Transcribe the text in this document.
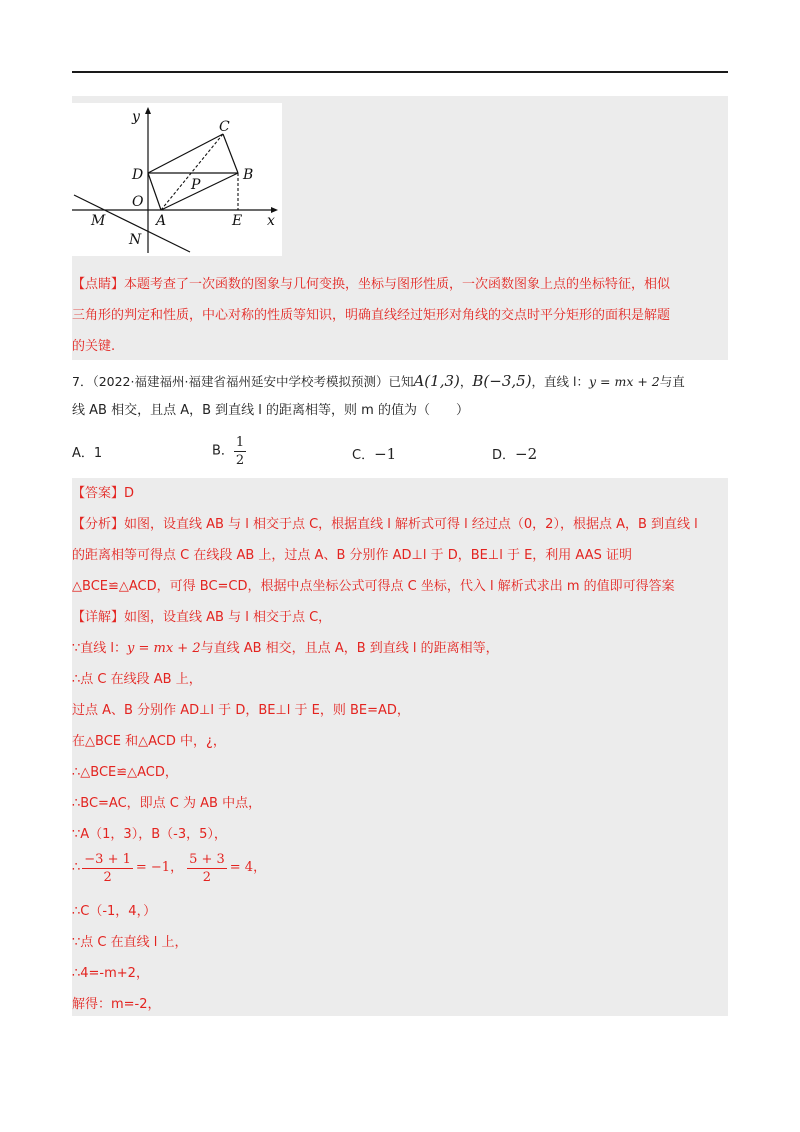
y
C
D	B
P
O
M	A	E x
N
【点睛】本题考查了一次函数的图象与几何变换，坐标与图形性质，一次函数图象上点的坐标特征，相似
三角形的判定和性质，中心对称的性质等知识，明确直线经过矩形对角线的交点时平分矩形的面积是解题
的关键.
7．（2022·福建福州·福建省福州延安中学校考模拟预测）已知A(1,3)，B(−3,5)，直线 l：y = mx + 2与直
线 AB 相交，且点 A，B 到直线 l 的距离相等，则 m 的值为（　　）
A．1	B． $\frac{1}{2}$	C．−1	D．−2
【答案】D
【分析】如图，设直线 AB 与 l 相交于点 C，根据直线 l 解析式可得 l 经过点（0，2），根据点 A，B 到直线 l
的距离相等可得点 C 在线段 AB 上，过点 A、B 分别作 AD⊥l 于 D，BE⊥l 于 E，利用 AAS 证明
△BCE≌△ACD，可得 BC=CD，根据中点坐标公式可得点 C 坐标，代入 l 解析式求出 m 的值即可得答案
【详解】如图，设直线 AB 与 l 相交于点 C，
∵直线 l：y = mx + 2与直线 AB 相交，且点 A，B 到直线 l 的距离相等，
∴点 C 在线段 AB 上，
过点 A、B 分别作 AD⊥l 于 D，BE⊥l 于 E，则 BE=AD，
在△BCE 和△ACD 中，¿，
∴△BCE≌△ACD，
∴BC=AC，即点 C 为 AB 中点，
∵A（1，3），B（-3，5），
∴ $\frac{-3 + 1}{2} = -1$， $\frac{5 + 3}{2} = 4$，
∴C（-1，4，）
∵点 C 在直线 l 上，
∴4=-m+2，
解得：m=-2，
